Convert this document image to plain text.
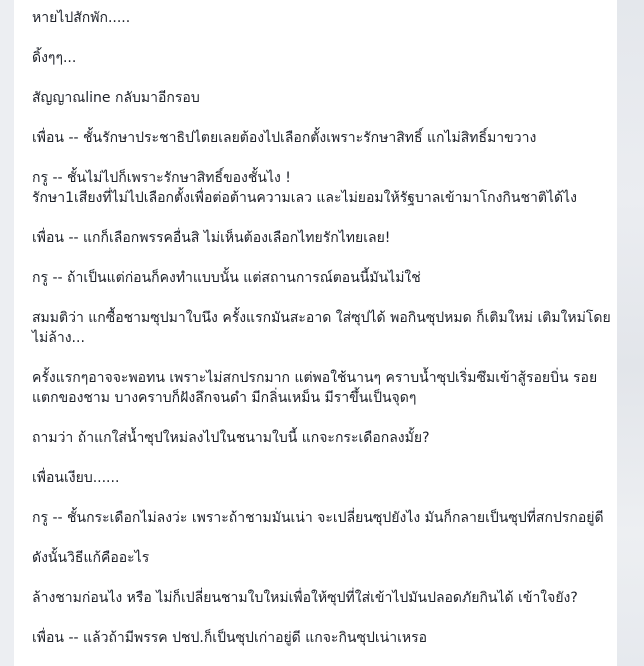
หายไปสักพัก.....

ดิ้งๆๆ...

สัญญาณline กลับมาอีกรอบ

เพื่อน -- ชั้นรักษาประชาธิปไตยเลยต้องไปเลือกตั้งเพราะรักษาสิทธิ์ แกไม่สิทธิ์มาขวาง

กรู -- ชั้นไม่ไปก็เพราะรักษาสิทธิ์ของชั้นไง !
รักษา1เสียงที่ไม่ไปเลือกตั้งเพื่อต่อต้านความเลว และไม่ยอมให้รัฐบาลเข้ามาโกงกินชาติได้ไง

เพื่อน -- แกก็เลือกพรรคอื่นสิ ไม่เห็นต้องเลือกไทยรักไทยเลย!

กรู -- ถ้าเป็นแต่ก่อนก็คงทำแบบนั้น แต่สถานการณ์ตอนนี้มันไม่ใช่

สมมติว่า แกซื้อชามซุปมาใบนึง ครั้งแรกมันสะอาด ใส่ซุปได้ พอกินซุปหมด ก็เติมใหม่ เติมใหม่โดยไม่ล้าง...

ครั้งแรกๆอาจจะพอทน เพราะไม่สกปรกมาก แต่พอใช้นานๆ คราบน้ำซุปเริ่มซึมเข้าสู้รอยบิ่น รอยแตกของชาม บางคราบก็ฝังลึกจนดำ มีกลิ่นเหม็น มีราขึ้นเป็นจุดๆ

ถามว่า ถ้าแกใส่น้ำซุปใหม่ลงไปในชนามใบนี้ แกจะกระเดือกลงมั้ย?

เพื่อนเงียบ......

กรู -- ชั้นกระเดือกไม่ลงว่ะ เพราะถ้าชามมันเน่า จะเปลี่ยนซุปยังไง มันก็กลายเป็นซุปที่สกปรกอยู่ดี

ดังนั้นวิธีแก้คืออะไร

ล้างชามก่อนไง หรือ ไม่ก็เปลี่ยนชามใบใหม่เพื่อให้ซุปที่ใส่เข้าไปมันปลอดภัยกินได้ เข้าใจยัง?

เพื่อน -- แล้วถ้ามีพรรค ปชป.ก็เป็นซุปเก่าอยู่ดี แกจะกินซุปเน่าเหรอ
